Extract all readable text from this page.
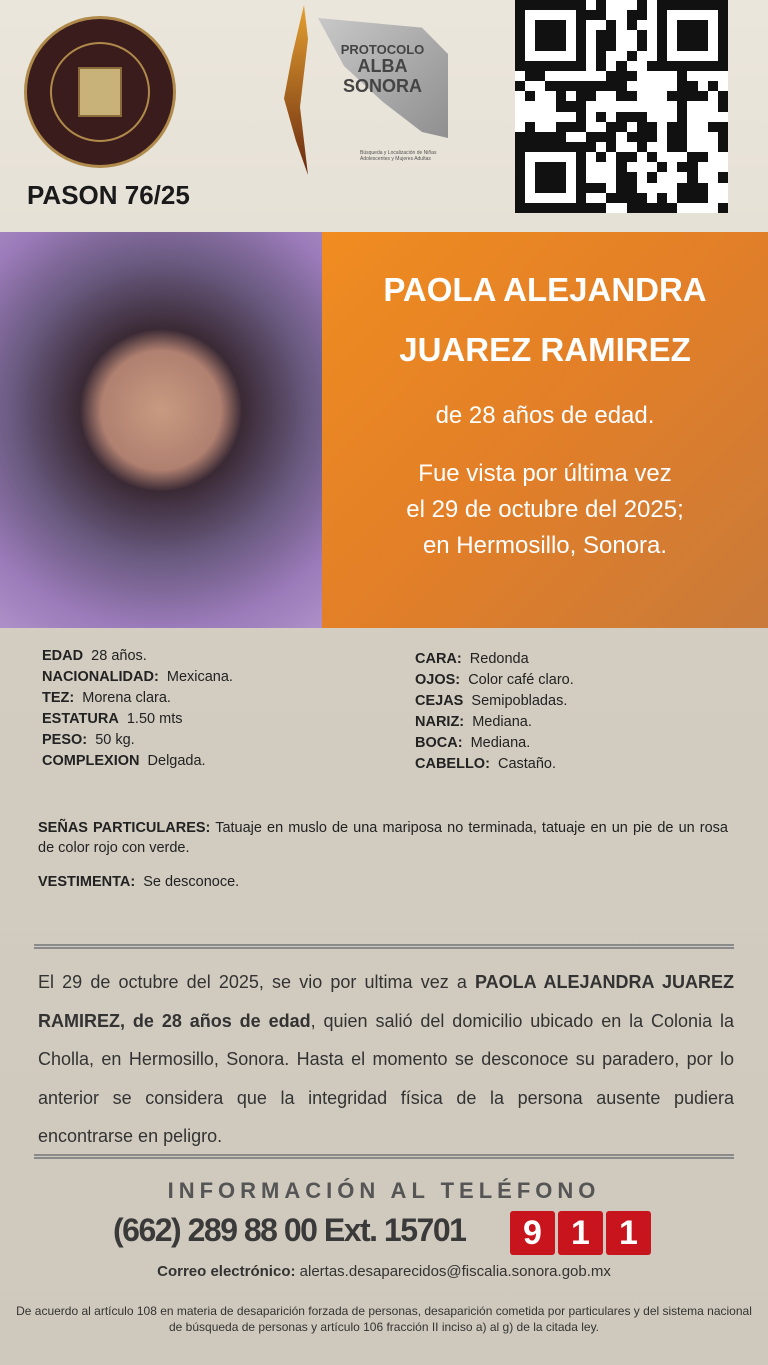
PASON 76/25
PROTOCOLO
ALBA
SONORA
Búsqueda y Localización de Niñas Adolescentes y Mujeres Adultas
PAOLA ALEJANDRA
JUAREZ RAMIREZ
de 28 años de edad.
Fue vista por última vez
el 29 de octubre del 2025;
en Hermosillo, Sonora.
EDAD 28 años.
NACIONALIDAD: Mexicana.
TEZ: Morena clara.
ESTATURA 1.50 mts
PESO: 50 kg.
COMPLEXION Delgada.
CARA: Redonda
OJOS: Color café claro.
CEJAS Semipobladas.
NARIZ: Mediana.
BOCA: Mediana.
CABELLO: Castaño.
SEÑAS PARTICULARES: Tatuaje en muslo de una mariposa no terminada, tatuaje en un pie de un rosa de color rojo con verde.
VESTIMENTA: Se desconoce.
El 29 de octubre del 2025, se vio por ultima vez a PAOLA ALEJANDRA JUAREZ RAMIREZ, de 28 años de edad, quien salió del domicilio ubicado en la Colonia la Cholla, en Hermosillo, Sonora. Hasta el momento se desconoce su paradero, por lo anterior se considera que la integridad física de la persona ausente pudiera encontrarse en peligro.
INFORMACIÓN AL TELÉFONO
(662) 289 88 00 Ext. 15701	9 1 1
Correo electrónico: alertas.desaparecidos@fiscalia.sonora.gob.mx
De acuerdo al artículo 108 en materia de desaparición forzada de personas, desaparición cometida por particulares y del sistema nacional de búsqueda de personas y artículo 106 fracción II inciso a) al g) de la citada ley.
